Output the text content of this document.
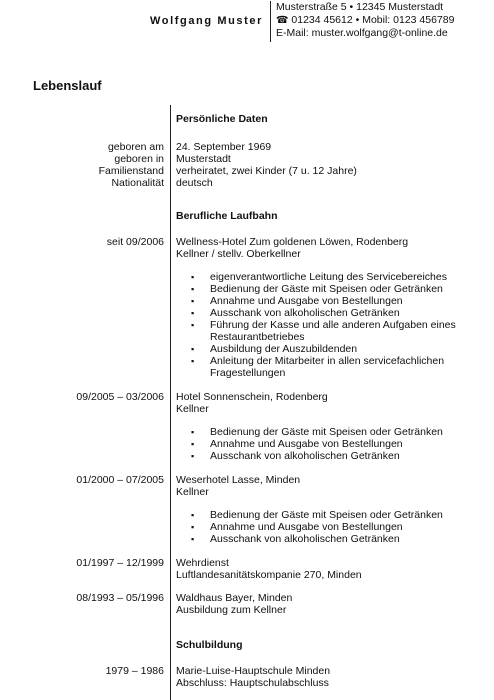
Wolfgang Muster
Musterstraße 5 • 12345 Musterstadt
☎ 01234 45612 • Mobil: 0123 456789
E-Mail: muster.wolfgang@t-online.de
Lebenslauf
Persönliche Daten
geboren am 24. September 1969
geboren in Musterstadt
Familienstand verheiratet, zwei Kinder (7 u. 12 Jahre)
Nationalität deutsch
Berufliche Laufbahn
seit 09/2006 Wellness-Hotel Zum goldenen Löwen, Rodenberg
Kellner / stellv. Oberkellner
▪ eigenverantwortliche Leitung des Servicebereiches
▪ Bedienung der Gäste mit Speisen oder Getränken
▪ Annahme und Ausgabe von Bestellungen
▪ Ausschank von alkoholischen Getränken
▪ Führung der Kasse und alle anderen Aufgaben eines
Restaurantbetriebes
▪ Ausbildung der Auszubildenden
▪ Anleitung der Mitarbeiter in allen servicefachlichen
Fragestellungen
09/2005 – 03/2006 Hotel Sonnenschein, Rodenberg
Kellner
▪ Bedienung der Gäste mit Speisen oder Getränken
▪ Annahme und Ausgabe von Bestellungen
▪ Ausschank von alkoholischen Getränken
01/2000 – 07/2005 Weserhotel Lasse, Minden
Kellner
▪ Bedienung der Gäste mit Speisen oder Getränken
▪ Annahme und Ausgabe von Bestellungen
▪ Ausschank von alkoholischen Getränken
01/1997 – 12/1999 Wehrdienst
Luftlandesanitätskompanie 270, Minden
08/1993 – 05/1996 Waldhaus Bayer, Minden
Ausbildung zum Kellner
Schulbildung
1979 – 1986 Marie-Luise-Hauptschule Minden
Abschluss: Hauptschulabschluss
